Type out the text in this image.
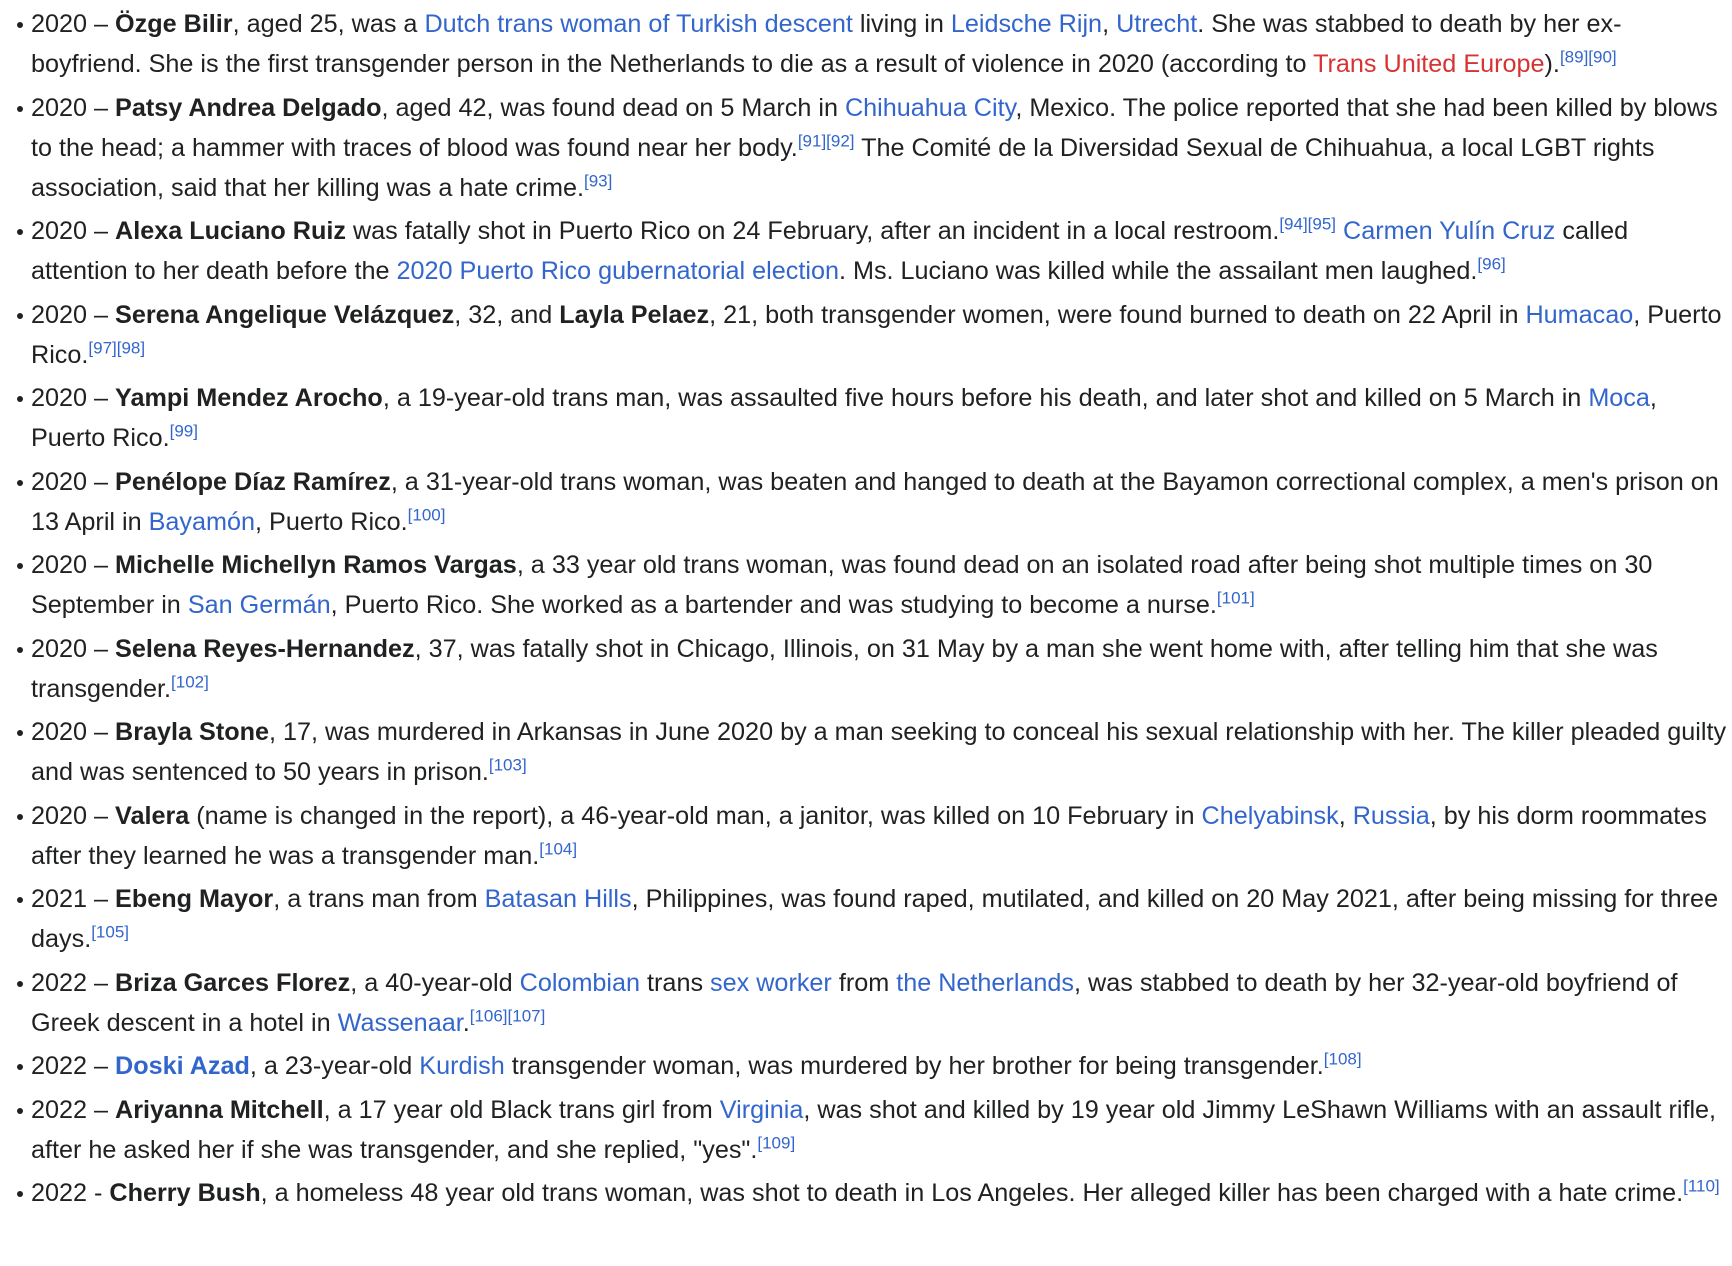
2020 – Özge Bilir, aged 25, was a Dutch trans woman of Turkish descent living in Leidsche Rijn, Utrecht. She was stabbed to death by her ex-boyfriend. She is the first transgender person in the Netherlands to die as a result of violence in 2020 (according to Trans United Europe).[89][90]
2020 – Patsy Andrea Delgado, aged 42, was found dead on 5 March in Chihuahua City, Mexico. The police reported that she had been killed by blows to the head; a hammer with traces of blood was found near her body.[91][92] The Comité de la Diversidad Sexual de Chihuahua, a local LGBT rights association, said that her killing was a hate crime.[93]
2020 – Alexa Luciano Ruiz was fatally shot in Puerto Rico on 24 February, after an incident in a local restroom.[94][95] Carmen Yulín Cruz called attention to her death before the 2020 Puerto Rico gubernatorial election. Ms. Luciano was killed while the assailant men laughed.[96]
2020 – Serena Angelique Velázquez, 32, and Layla Pelaez, 21, both transgender women, were found burned to death on 22 April in Humacao, Puerto Rico.[97][98]
2020 – Yampi Mendez Arocho, a 19-year-old trans man, was assaulted five hours before his death, and later shot and killed on 5 March in Moca, Puerto Rico.[99]
2020 – Penélope Díaz Ramírez, a 31-year-old trans woman, was beaten and hanged to death at the Bayamon correctional complex, a men's prison on 13 April in Bayamón, Puerto Rico.[100]
2020 – Michelle Michellyn Ramos Vargas, a 33 year old trans woman, was found dead on an isolated road after being shot multiple times on 30 September in San Germán, Puerto Rico. She worked as a bartender and was studying to become a nurse.[101]
2020 – Selena Reyes-Hernandez, 37, was fatally shot in Chicago, Illinois, on 31 May by a man she went home with, after telling him that she was transgender.[102]
2020 – Brayla Stone, 17, was murdered in Arkansas in June 2020 by a man seeking to conceal his sexual relationship with her. The killer pleaded guilty and was sentenced to 50 years in prison.[103]
2020 – Valera (name is changed in the report), a 46-year-old man, a janitor, was killed on 10 February in Chelyabinsk, Russia, by his dorm roommates after they learned he was a transgender man.[104]
2021 – Ebeng Mayor, a trans man from Batasan Hills, Philippines, was found raped, mutilated, and killed on 20 May 2021, after being missing for three days.[105]
2022 – Briza Garces Florez, a 40-year-old Colombian trans sex worker from the Netherlands, was stabbed to death by her 32-year-old boyfriend of Greek descent in a hotel in Wassenaar.[106][107]
2022 – Doski Azad, a 23-year-old Kurdish transgender woman, was murdered by her brother for being transgender.[108]
2022 – Ariyanna Mitchell, a 17 year old Black trans girl from Virginia, was shot and killed by 19 year old Jimmy LeShawn Williams with an assault rifle, after he asked her if she was transgender, and she replied, "yes".[109]
2022 - Cherry Bush, a homeless 48 year old trans woman, was shot to death in Los Angeles. Her alleged killer has been charged with a hate crime.[110]
